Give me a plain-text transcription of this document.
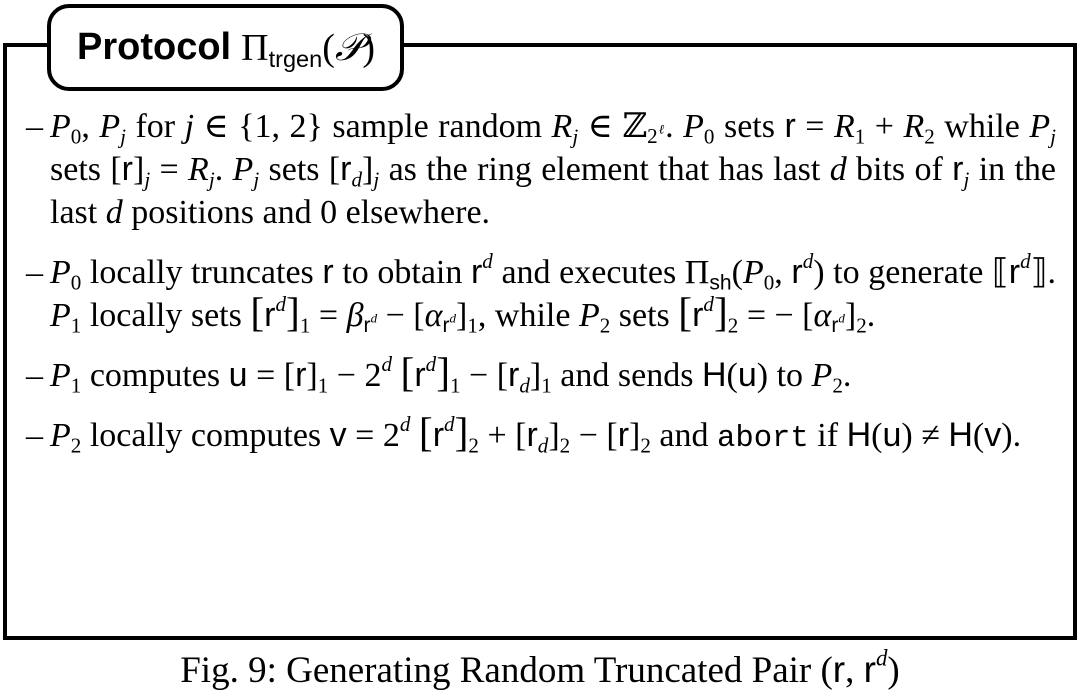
Protocol $\Pi_{trgen}(𝒫)$
– $P_0$, $P_j$ for j ∈ {1, 2} sample random $R_j$ ∈ ℤ$_{2^\ell}$. $P_0$ sets $r = R_1 + R_2$ while $P_j$ sets $[r]_j = R_j$. $P_j$ sets $[r_d]_j$ as the ring element that has last d bits of $r_j$ in the last d positions and 0 elsewhere.
– $P_0$ locally truncates r to obtain $r^d$ and executes $\Pi_{sh}(P_0$, $r^d$) to generate $⟦r^d⟧$. $P_1$ locally sets $[r^d]_1 = \beta_{r^d} - [\alpha_{r^d}]_1$, while $P_2$ sets $[r^d]_2$ = − $[\alpha_{r^d}]_2$.
– $P_1$ computes $u = [r]_1 - 2^d$ $[r^d]_1 - [r_d]_1$ and sends H(u) to $P_2$.
– $P_2$ locally computes $v = 2^d$ $[r^d]_2 + [r_d]_2 - [r]_2$ and abort if H(u) ≠ H(v).
Fig. 9: Generating Random Truncated Pair (r, $r^d$)
